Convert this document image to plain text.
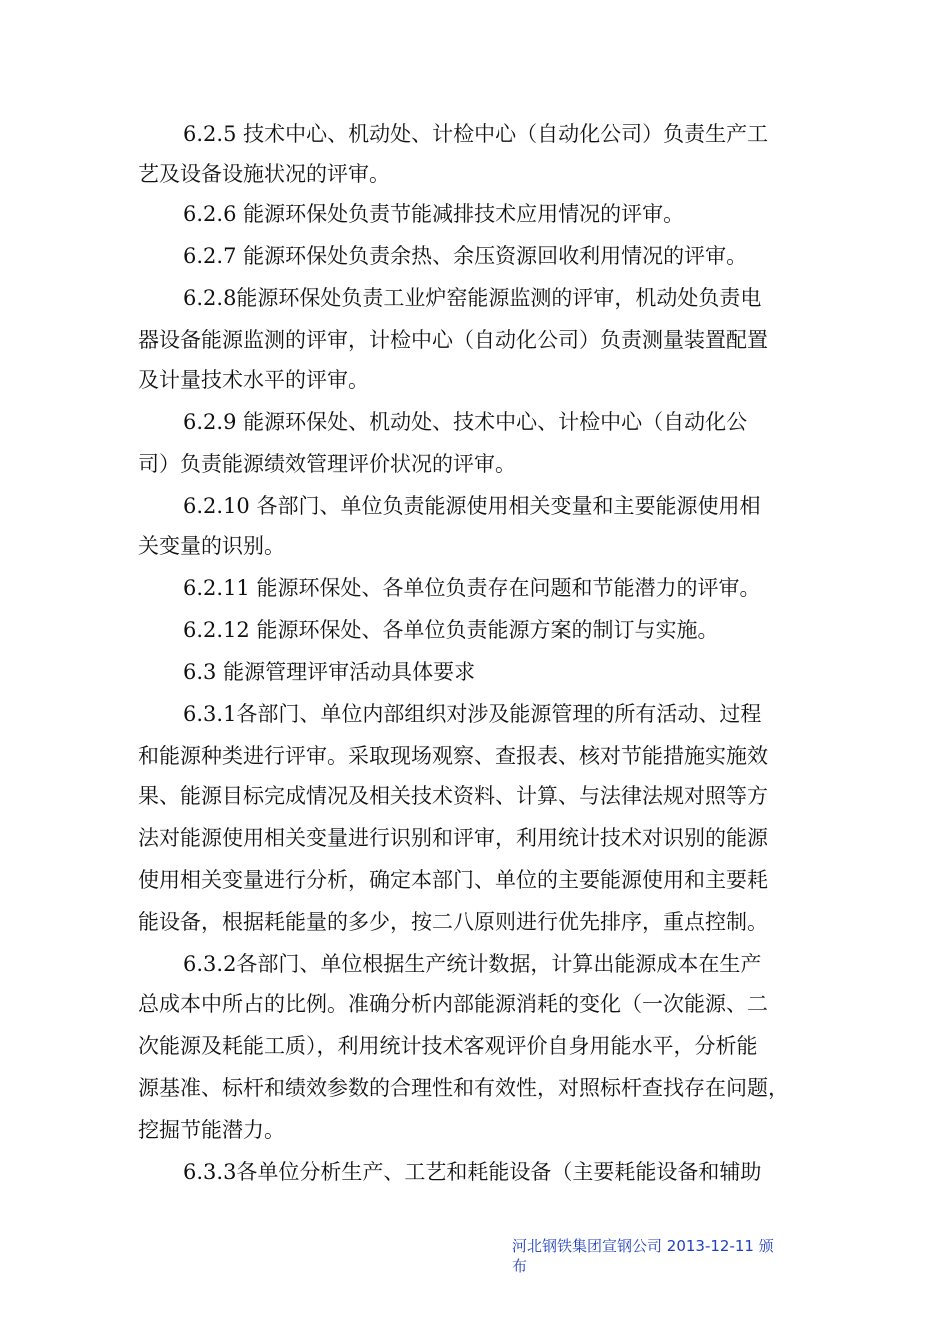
6.2.5 技术中心、机动处、计检中心（自动化公司）负责生产工
艺及设备设施状况的评审。
6.2.6 能源环保处负责节能减排技术应用情况的评审。
6.2.7 能源环保处负责余热、余压资源回收利用情况的评审。
6.2.8能源环保处负责工业炉窑能源监测的评审，机动处负责电
器设备能源监测的评审，计检中心（自动化公司）负责测量装置配置
及计量技术水平的评审。
6.2.9 能源环保处、机动处、技术中心、计检中心（自动化公
司）负责能源绩效管理评价状况的评审。
6.2.10 各部门、单位负责能源使用相关变量和主要能源使用相
关变量的识别。
6.2.11 能源环保处、各单位负责存在问题和节能潜力的评审。
6.2.12 能源环保处、各单位负责能源方案的制订与实施。
6.3 能源管理评审活动具体要求
6.3.1各部门、单位内部组织对涉及能源管理的所有活动、过程
和能源种类进行评审。采取现场观察、查报表、核对节能措施实施效
果、能源目标完成情况及相关技术资料、计算、与法律法规对照等方
法对能源使用相关变量进行识别和评审，利用统计技术对识别的能源
使用相关变量进行分析，确定本部门、单位的主要能源使用和主要耗
能设备，根据耗能量的多少，按二八原则进行优先排序，重点控制。
6.3.2各部门、单位根据生产统计数据，计算出能源成本在生产
总成本中所占的比例。准确分析内部能源消耗的变化（一次能源、二
次能源及耗能工质），利用统计技术客观评价自身用能水平，分析能
源基准、标杆和绩效参数的合理性和有效性，对照标杆查找存在问题，
挖掘节能潜力。
6.3.3各单位分析生产、工艺和耗能设备（主要耗能设备和辅助
河北钢铁集团宣钢公司 2013-12-11 颁
布
